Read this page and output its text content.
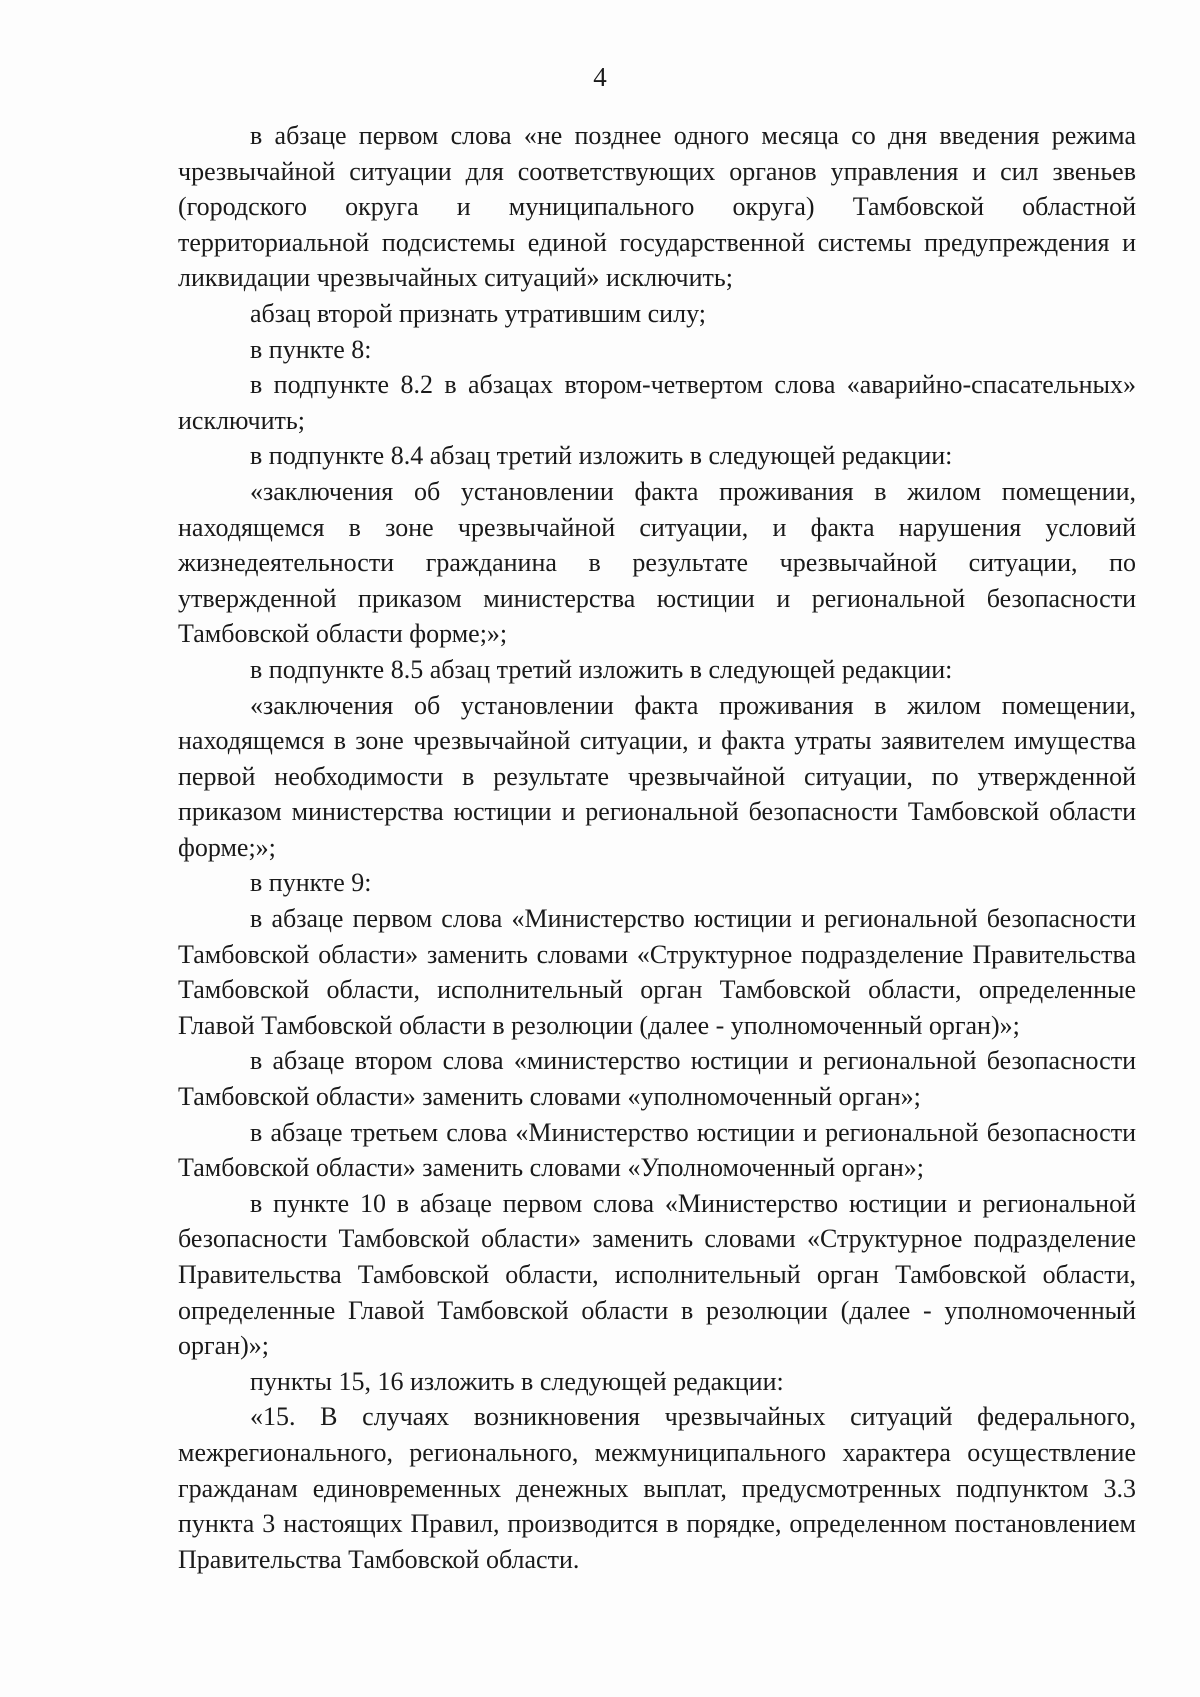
4

в абзаце первом слова «не позднее одного месяца со дня введения режима чрезвычайной ситуации для соответствующих органов управления и сил звеньев (городского округа и муниципального округа) Тамбовской областной территориальной подсистемы единой государственной системы предупреждения и ликвидации чрезвычайных ситуаций» исключить;

абзац второй признать утратившим силу;

в пункте 8:

в подпункте 8.2 в абзацах втором-четвертом слова «аварийно-спасательных» исключить;

в подпункте 8.4 абзац третий изложить в следующей редакции:

«заключения об установлении факта проживания в жилом помещении, находящемся в зоне чрезвычайной ситуации, и факта нарушения условий жизнедеятельности гражданина в результате чрезвычайной ситуации, по утвержденной приказом министерства юстиции и региональной безопасности Тамбовской области форме;»;

в подпункте 8.5 абзац третий изложить в следующей редакции:

«заключения об установлении факта проживания в жилом помещении, находящемся в зоне чрезвычайной ситуации, и факта утраты заявителем имущества первой необходимости в результате чрезвычайной ситуации, по утвержденной приказом министерства юстиции и региональной безопасности Тамбовской области форме;»;

в пункте 9:

в абзаце первом слова «Министерство юстиции и региональной безопасности Тамбовской области» заменить словами «Структурное подразделение Правительства Тамбовской области, исполнительный орган Тамбовской области, определенные Главой Тамбовской области в резолюции (далее - уполномоченный орган)»;

в абзаце втором слова «министерство юстиции и региональной безопасности Тамбовской области» заменить словами «уполномоченный орган»;

в абзаце третьем слова «Министерство юстиции и региональной безопасности Тамбовской области» заменить словами «Уполномоченный орган»;

в пункте 10 в абзаце первом слова «Министерство юстиции и региональной безопасности Тамбовской области» заменить словами «Структурное подразделение Правительства Тамбовской области, исполнительный орган Тамбовской области, определенные Главой Тамбовской области в резолюции (далее - уполномоченный орган)»;

пункты 15, 16 изложить в следующей редакции:

«15. В случаях возникновения чрезвычайных ситуаций федерального, межрегионального, регионального, межмуниципального характера осуществление гражданам единовременных денежных выплат, предусмотренных подпунктом 3.3 пункта 3 настоящих Правил, производится в порядке, определенном постановлением Правительства Тамбовской области.
